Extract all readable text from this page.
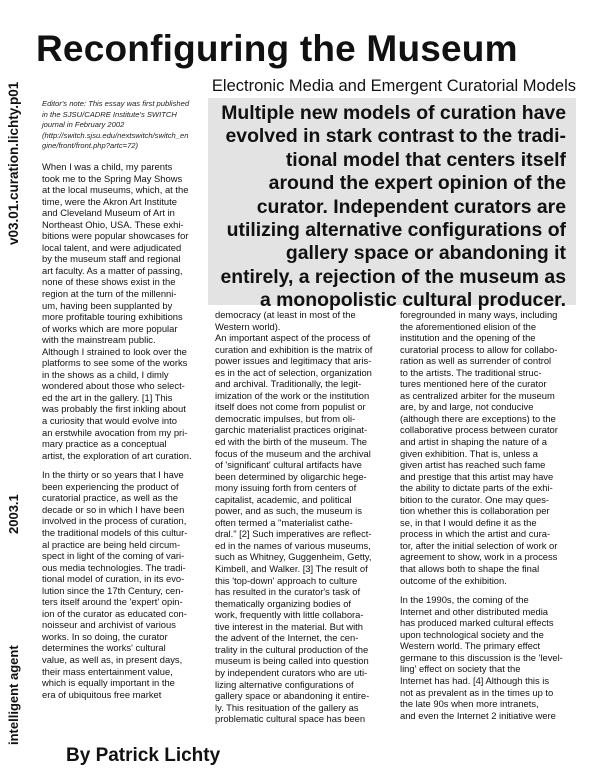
v03.01.curation.lichty.p01
2003.1
intelligent agent
Reconfiguring the Museum
Electronic Media and Emergent Curatorial Models
Editor's note: This essay was first published
in the SJSU/CADRE Institute's SWITCH
journal in February 2002
(http://switch.sjsu.edu/nextswitch/switch_en
gine/front/front.php?artc=72)
Multiple new models of curation have
evolved in stark contrast to the tradi-
tional model that centers itself
around the expert opinion of the
curator. Independent curators are
utilizing alternative configurations of
gallery space or abandoning it
entirely, a rejection of the museum as
a monopolistic cultural producer.
When I was a child, my parents
took me to the Spring May Shows
at the local museums, which, at the
time, were the Akron Art Institute
and Cleveland Museum of Art in
Northeast Ohio, USA. These exhi-
bitions were popular showcases for
local talent, and were adjudicated
by the museum staff and regional
art faculty. As a matter of passing,
none of these shows exist in the
region at the turn of the millenni-
um, having been supplanted by
more profitable touring exhibitions
of works which are more popular
with the mainstream public.
Although I strained to look over the
platforms to see some of the works
in the shows as a child, I dimly
wondered about those who select-
ed the art in the gallery. [1] This
was probably the first inkling about
a curiosity that would evolve into
an erstwhile avocation from my pri-
mary practice as a conceptual
artist, the exploration of art curation.
In the thirty or so years that I have
been experiencing the product of
curatorial practice, as well as the
decade or so in which I have been
involved in the process of curation,
the traditional models of this cultur-
al practice are being held circum-
spect in light of the coming of vari-
ous media technologies. The tradi-
tional model of curation, in its evo-
lution since the 17th Century, cen-
ters itself around the 'expert' opin-
ion of the curator as educated con-
noisseur and archivist of various
works. In so doing, the curator
determines the works' cultural
value, as well as, in present days,
their mass entertainment value,
which is equally important in the
era of ubiquitous free market
democracy (at least in most of the
Western world).
An important aspect of the process of
curation and exhibition is the matrix of
power issues and legitimacy that aris-
es in the act of selection, organization
and archival. Traditionally, the legit-
imization of the work or the institution
itself does not come from populist or
democratic impulses, but from oli-
garchic materialist practices originat-
ed with the birth of the museum. The
focus of the museum and the archival
of 'significant' cultural artifacts have
been determined by oligarchic hege-
mony issuing forth from centers of
capitalist, academic, and political
power, and as such, the museum is
often termed a "materialist cathe-
dral." [2] Such imperatives are reflect-
ed in the names of various museums,
such as Whitney, Guggenheim, Getty,
Kimbell, and Walker. [3] The result of
this 'top-down' approach to culture
has resulted in the curator's task of
thematically organizing bodies of
work, frequently with little collabora-
tive interest in the material. But with
the advent of the Internet, the cen-
trality in the cultural production of the
museum is being called into question
by independent curators who are uti-
lizing alternative configurations of
gallery space or abandoning it entire-
ly. This resituation of the gallery as
problematic cultural space has been
foregrounded in many ways, including
the aforementioned elision of the
institution and the opening of the
curatorial process to allow for collabo-
ration as well as surrender of control
to the artists. The traditional struc-
tures mentioned here of the curator
as centralized arbiter for the museum
are, by and large, not conducive
(although there are exceptions) to the
collaborative process between curator
and artist in shaping the nature of a
given exhibition. That is, unless a
given artist has reached such fame
and prestige that this artist may have
the ability to dictate parts of the exhi-
bition to the curator. One may ques-
tion whether this is collaboration per
se, in that I would define it as the
process in which the artist and cura-
tor, after the initial selection of work or
agreement to show, work in a process
that allows both to shape the final
outcome of the exhibition.
In the 1990s, the coming of the
Internet and other distributed media
has produced marked cultural effects
upon technological society and the
Western world. The primary effect
germane to this discussion is the 'level-
ling' effect on society that the
Internet has had. [4] Although this is
not as prevalent as in the times up to
the late 90s when more intranets,
and even the Internet 2 initiative were
By Patrick Lichty
